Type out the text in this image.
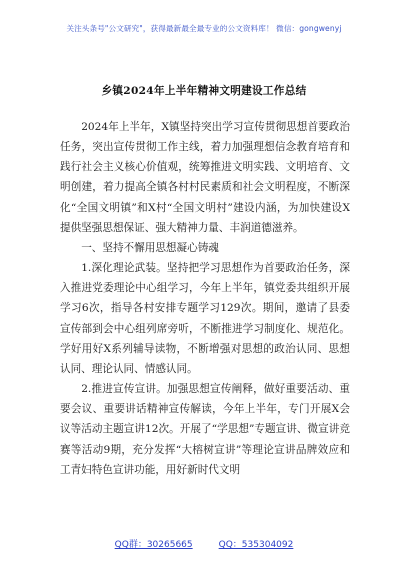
关注头条号"公文研究"，获得最新最全最专业的公文资料库！ 微信：gongwenyj
乡镇2024年上半年精神文明建设工作总结

2024年上半年，X镇坚持突出学习宣传贯彻思想首要政治任务，突出宣传贯彻工作主线，着力加强理想信念教育培育和践行社会主义核心价值观，统筹推进文明实践、文明培育、文明创建，着力提高全镇各村村民素质和社会文明程度，不断深化“全国文明镇”和X村“全国文明村”建设内涵，为加快建设X提供坚强思想保证、强大精神力量、丰润道德滋养。

一、坚持不懈用思想凝心铸魂

1.深化理论武装。坚持把学习思想作为首要政治任务，深入推进党委理论中心组学习，今年上半年，镇党委共组织开展学习6次，指导各村安排专题学习129次。期间，邀请了县委宣传部到会中心组列席旁听，不断推进学习制度化、规范化。学好用好X系列辅导读物，不断增强对思想的政治认同、思想认同、理论认同、情感认同。

2.推进宣传宣讲。加强思想宣传阐释，做好重要活动、重要会议、重要讲话精神宣传解读，今年上半年，专门开展X会议等活动主题宣讲12次。开展了“学思想”专题宣讲、微宣讲竞赛等活动9期，充分发挥“大榕树宣讲”等理论宣讲品牌效应和工青妇特色宣讲功能，用好新时代文明

QQ群：30265665	QQ：535304092
